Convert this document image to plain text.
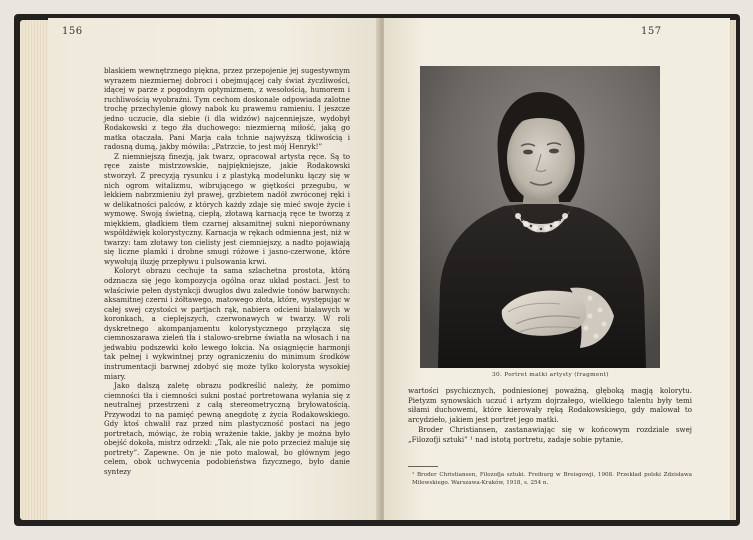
blaskiem wewnętrznego piękna, przez przepojenie jej sugestywnym wyrazem niezmiernej dobroci i obejmującej cały świat życzliwości, idącej w parze z pogodnym optymizmem, z wesołością, humorem i ruchliwością wyobraźni. Tym cechom doskonale odpowiada zalotne trochę przechylenie głowy nabok ku prawemu ramieniu. I jeszcze jedno uczucie, dla siebie (i dla widzów) najcenniejsze, wydobył Rodakowski z tego źła duchowego: niezmierną miłość, jaką go matka otaczała. Pani Marja cała tchnie najwyższą tkliwością i radosną dumą, jakby mówiła: „Patrzcie, to jest mój Henryk!”

Z niemniejszą finezją, jak twarz, opracował artysta ręce. Są to ręce zaiste mistrzowskie, najpiękniejsze, jakie Rodakowski stworzył. Z precyzją rysunku i z plastyką modelunku łączy się w nich ogrom witalizmu, wibrującego w giętkości przegubu, w lekkiem nabrzmieniu żył prawej, grzbietem nadół zwróconej ręki i w delikatności palców, z których każdy zdaje się mieć swoje życie i wymowę. Swoją świetną, ciepłą, złotawą karnacją ręce te tworzą z miękkiem, gładkiem tłem czarnej aksamitnej sukni nieporównany współdźwięk kolorystyczny. Karnacja w rękach odmienna jest, niż w twarzy: tam złotawy ton cielisty jest ciemniejszy, a nadto pojawiają się liczne plamki i drobne smugi różowe i jasno-czerwone, które wywołują iluzję przepływu i pulsowania krwi.

Koloryt obrazu cechuje ta sama szlachetna prostota, którą odznacza się jego kompozycja ogólna oraz układ postaci. Jest to właściwie pełen dystynkcji dwugłos dwu zaledwie tonów barwnych: aksamitnej czerni i żółtawego, matowego złota, które, występując w całej swej czystości w partjach rąk, nabiera odcieni białawych w koronkach, a cieplejszych, czerwonawych w twarzy. W roli dyskretnego akompanjamentu kolorystycznego przyłącza się ciemnoszarawa zieleń tła i stalowo-srebrne światła na włosach i na jedwabiu podszewki koło lewego łokcia. Na osiągnięcie harmonji tak pełnej i wykwintnej przy ograniczeniu do minimum środków instrumentacji barwnej zdobyć się może tylko kolorysta wysokiej miary.

Jako dalszą zaletę obrazu podkreślić należy, że pomimo ciemności tła i ciemności sukni postać portretowana wyłania się z neutralnej przestrzeni z całą stereometryczną bryłowatością. Przywodzi to na pamięć pewną anegdotę z życia Rodakowskiego. Gdy ktoś chwalił raz przed nim plastyczność postaci na jego portretach, mówiąc, że robią wrażenie takie, jakby je można było obejść dokoła, mistrz odrzekł: „Tak, ale nie poto przecież maluje się portrety”. Zapewne. On je nie poto malował, bo głównym jego celem, obok uchwycenia podobieństwa fizycznego, było danie syntezy

156
30. Portret matki artysty (fragment)

wartości psychicznych, podniesionej poważną, głęboką magją kolorytu. Pietyzm synowskich uczuć i artyzm dojrzałego, wielkiego talentu były temi siłami duchowemi, które kierowały ręką Rodakowskiego, gdy malował to arcydzieło, jakiem jest portret jego matki.

Broder Christiansen, zastanawiając się w końcowym rozdziale swej „Filozofji sztuki” ¹ nad istotą portretu, zadaje sobie pytanie,

¹ Broder Christiansen, Filozofja sztuki. Freiburg w Breisgowji, 1908. Przekład polski Zdzisława Milewskiego. Warszawa-Kraków, 1918, s. 254 n.
157
